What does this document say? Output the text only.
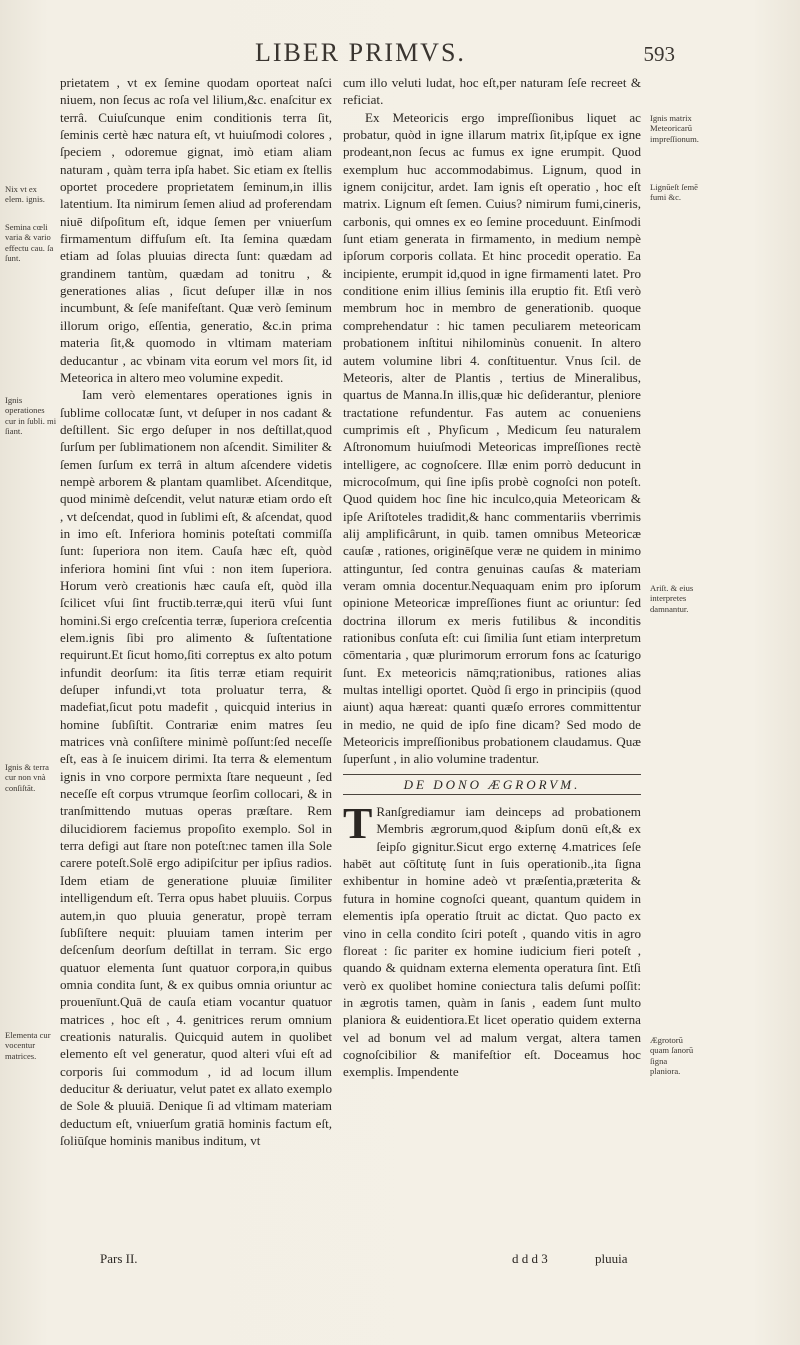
LIBER PRIMVS.	593

prietatem , vt ex ſemine quodam oporteat naſci niuem, non ſecus ac roſa vel lilium,&c. enaſcitur ex terrâ. Cuiuſcunque enim conditionis terra ſit, ſeminis certè hæc natura eſt, vt huiuſmodi colores , ſpeciem , odoremue gignat, imò etiam aliam naturam , quàm terra ipſa habet. Sic etiam ex ſtellis oportet procedere proprietatem ſeminum,in illis latentium. Ita nimirum ſemen aliud ad proferendam niuē diſpoſitum eſt, idque ſemen per vniuerſum firmamentum diffuſum eſt. Ita ſemina quædam etiam ad ſolas pluuias directa ſunt: quædam ad grandinem tantùm, quædam ad tonitru , & generationes alias , ſicut deſuper illæ in nos incumbunt, & ſeſe manifeſtant. Quæ verò ſeminum illorum origo, eſſentia, generatio, &c.in prima materia ſit,& quomodo in vltimam materiam deducantur , ac vbinam vita eorum vel mors ſit, id Meteorica in altero meo volumine expedit.

Iam verò elementares operationes ignis in ſublime collocatæ ſunt, vt deſuper in nos cadant & deſtillent. Sic ergo deſuper in nos deſtillat,quod ſurſum per ſublimationem non aſcendit. Similiter & ſemen ſurſum ex terrâ in altum aſcendere videtis nempè arborem & plantam quamlibet. Aſcenditque, quod minimè deſcendit, velut naturæ etiam ordo eſt , vt deſcendat, quod in ſublimi eſt, & aſcendat, quod in imo eſt. Inferiora hominis poteſtati commiſſa ſunt: ſuperiora non item. Cauſa hæc eſt, quòd inferiora homini ſint vſui : non item ſuperiora. Horum verò creationis hæc cauſa eſt, quòd illa ſcilicet vſui ſint fructib.terræ,qui iterū vſui ſunt homini.Si ergo creſcentia terræ, ſuperiora creſcentia elem.ignis ſibi pro alimento & ſuſtentatione requirunt.Et ſicut homo,ſiti correptus ex alto potum infundit deorſum: ita ſitis terræ etiam requirit deſuper infundi,vt tota proluatur terra, & madefiat,ſicut potu madefit , quicquid interius in homine ſubſiſtit. Contrariæ enim matres ſeu matrices vnà conſiſtere minimè poſſunt:ſed neceſſe eſt, eas à ſe inuicem dirimi. Ita terra & elementum ignis in vno corpore permixta ſtare nequeunt , ſed neceſſe eſt corpus vtrumque ſeorſim collocari, & in tranſmittendo mutuas operas præſtare. Rem dilucidiorem faciemus propoſito exemplo. Sol in terra defigi aut ſtare non poteſt:nec tamen illa Sole carere poteſt.Solē ergo adipiſcitur per ipſius radios. Idem etiam de generatione pluuiæ ſimiliter intelligendum eſt. Terra opus habet pluuiis. Corpus autem,in quo pluuia generatur, propè terram ſubſiſtere nequit: pluuiam tamen interim per deſcenſum deorſum deſtillat in terram. Sic ergo quatuor elementa ſunt quatuor corpora,in quibus omnia condita ſunt, & ex quibus omnia oriuntur ac prouenīunt.Quā de cauſa etiam vocantur quatuor matrices , hoc eſt , 4. genitrices rerum omnium creationis naturalis. Quicquid autem in quolibet elemento eſt vel generatur, quod alteri vſui eſt ad corporis ſui commodum , id ad locum illum deducitur & deriuatur, velut patet ex allato exemplo de Sole & pluuiā. Denique ſi ad vltimam materiam deductum eſt, vniuerſum gratiā hominis factum eſt, ſoliūſque hominis manibus inditum, vt

Pars II.

cum illo veluti ludat, hoc eſt,per naturam ſeſe recreet & reficiat.

Ex Meteoricis ergo impreſſionibus liquet ac probatur, quòd in igne illarum matrix ſit,ipſque ex igne prodeant,non ſecus ac fumus ex igne erumpit. Quod exemplum huc accommodabimus. Lignum, quod in ignem conijcitur, ardet. Iam ignis eſt operatio , hoc eſt matrix. Lignum eſt ſemen. Cuius? nimirum fumi,cineris, carbonis, qui omnes ex eo ſemine proceduunt. Einſmodi ſunt etiam generata in firmamento, in medium nempè ipſorum corporis collata. Et hinc procedit operatio. Ea incipiente, erumpit id,quod in igne firmamenti latet. Pro conditione enim illius ſeminis illa eruptio fit. Etſi verò membrum hoc in membro de generationib. quoque comprehendatur : hic tamen peculiarem meteoricam probationem inſtitui nihilominùs conuenit. In altero autem volumine libri 4. conſtituentur. Vnus ſcil. de Meteoris, alter de Plantis , tertius de Mineralibus, quartus de Manna.In illis,quæ hic deſiderantur, pleniore tractatione refundentur. Fas autem ac conueniens cumprimis eſt , Phyſicum , Medicum ſeu naturalem Aſtronomum huiuſmodi Meteoricas impreſſiones rectè intelligere, ac cognoſcere. Illæ enim porrò deducunt in microcoſmum, qui ſine ipſis probè cognoſci non poteſt. Quod quidem hoc ſine hic inculco,quia Meteoricam & ipſe Ariſtoteles tradidit,& hanc commentariis vberrimis alij amplificârunt, in quib. tamen omnibus Meteoricæ cauſæ , rationes, originēſque veræ ne quidem in minimo attinguntur, ſed contra genuinas cauſas & materiam veram omnia docentur.Nequaquam enim pro ipſorum opinione Meteoricæ impreſſiones fiunt ac oriuntur: ſed doctrina illorum ex meris futilibus & inconditis rationibus conſuta eſt: cui ſimilia ſunt etiam interpretum cōmentaria , quæ plurimorum errorum fons ac ſcaturigo ſunt. Ex meteoricis nāmq;rationibus, rationes alias multas intelligi oportet. Quòd ſi ergo in principiis (quod aiunt) aqua hæreat: quanti quæſo errores committentur in medio, ne quid de ipſo fine dicam? Sed modo de Meteoricis impreſſionibus probationem claudamus. Quæ ſuperſunt , in alio volumine tradentur.

DE DONO ÆGRORVM.

T Ranſgrediamur iam deinceps ad probationem Membris ægrorum,quod &ipſum donū eſt,& ex ſeipſo gignitur.Sicut ergo externę 4.matrices ſeſe habēt aut cōſtitutę ſunt in ſuis operationib.,ita ſigna exhibentur in homine adeò vt præſentia,præterita & futura in homine cognoſci queant, quantum quidem in elementis ipſa operatio ſtruit ac dictat. Quo pacto ex vino in cella condito ſciri poteſt , quando vitis in agro floreat : ſic pariter ex homine iudicium fieri poteſt , quando & quidnam externa elementa operatura ſint. Etſi verò ex quolibet homine coniectura talis deſumi poſſit: in ægrotis tamen, quàm in ſanis , eadem ſunt multo planiora & euidentiora.Et licet operatio quidem externa vel ad bonum vel ad malum vergat, altera tamen cognoſcibilior & manifeſtior eſt. Doceamus hoc exemplis. Impendente

d d d 3	pluuia
Nix vt ex elem. ignis.
Semina cœli varia & vario effectu cau. ſa ſunt.
Ignis operationes cur in ſubli. mi ſiant.
Ignis & terra cur non vnà conſiſtāt.
Elementa cur vocentur matrices.
Ignis matrix Meteoricarū impreſſionum.
Lignūeſt ſemē fumi &c.
Ariſt. & eius interpretes damnantur.
Ægrotorū quam ſanorū ſigna planiora.
